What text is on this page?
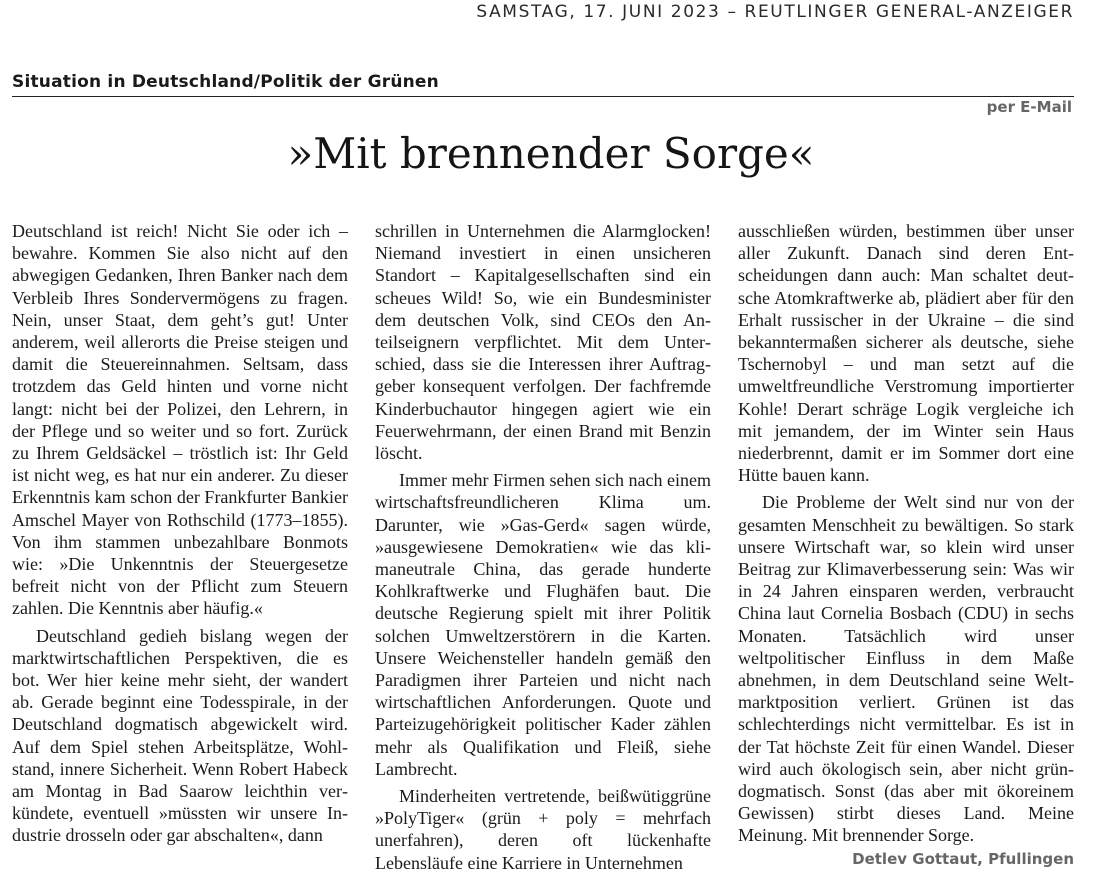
SAMSTAG, 17. JUNI 2023 – REUTLINGER GENERAL-ANZEIGER
Situation in Deutschland/Politik der Grünen
per E-Mail
»Mit brennender Sorge«

Deutschland ist reich! Nicht Sie oder ich – bewahre. Kommen Sie also nicht auf den abwegigen Gedanken, Ihren Banker nach dem Verbleib Ihres Sondervermögens zu fragen. Nein, unser Staat, dem geht’s gut! Unter anderem, weil allerorts die Preise steigen und damit die Steuereinnahmen. Seltsam, dass trotzdem das Geld hinten und vorne nicht langt: nicht bei der Polizei, den Lehrern, in der Pflege und so weiter und so fort. Zurück zu Ihrem Geldsäckel – tröstlich ist: Ihr Geld ist nicht weg, es hat nur ein anderer. Zu dieser Erkenntnis kam schon der Frankfurter Bankier Amschel Mayer von Rothschild (1773–1855). Von ihm stammen unbezahlbare Bonmots wie: »Die Unkenntnis der Steuergesetze befreit nicht von der Pflicht zum Steuern zahlen. Die Kenntnis aber häufig.«

Deutschland gedieh bislang wegen der marktwirtschaftlichen Perspektiven, die es bot. Wer hier keine mehr sieht, der wandert ab. Gerade beginnt eine Todesspirale, in der Deutschland dogmatisch abgewickelt wird. Auf dem Spiel stehen Arbeitsplätze, Wohlstand, innere Sicherheit. Wenn Robert Habeck am Montag in Bad Saarow leichthin verkündete, eventuell »müssten wir unsere Industrie drosseln oder gar abschalten«, dann

schrillen in Unternehmen die Alarmglocken! Niemand investiert in einen unsicheren Standort – Kapitalgesellschaften sind ein scheues Wild! So, wie ein Bundesminister dem deutschen Volk, sind CEOs den Anteilseignern verpflichtet. Mit dem Unterschied, dass sie die Interessen ihrer Auftraggeber konsequent verfolgen. Der fachfremde Kinderbuchautor hingegen agiert wie ein Feuerwehrmann, der einen Brand mit Benzin löscht.

Immer mehr Firmen sehen sich nach einem wirtschaftsfreundlicheren Klima um. Darunter, wie »Gas-Gerd« sagen würde, »ausgewiesene Demokratien« wie das klimaneutrale China, das gerade hunderte Kohlkraftwerke und Flughäfen baut. Die deutsche Regierung spielt mit ihrer Politik solchen Umweltzerstörern in die Karten. Unsere Weichensteller handeln gemäß den Paradigmen ihrer Parteien und nicht nach wirtschaftlichen Anforderungen. Quote und Parteizugehörigkeit politischer Kader zählen mehr als Qualifikation und Fleiß, siehe Lambrecht.

Minderheiten vertretende, beißwütiggrüne »PolyTiger« (grün + poly = mehrfach unerfahren), deren oft lückenhafte Lebensläufe eine Karriere in Unternehmen

ausschließen würden, bestimmen über unser aller Zukunft. Danach sind deren Entscheidungen dann auch: Man schaltet deutsche Atomkraftwerke ab, plädiert aber für den Erhalt russischer in der Ukraine – die sind bekanntermaßen sicherer als deutsche, siehe Tschernobyl – und man setzt auf die umweltfreundliche Verstromung importierter Kohle! Derart schräge Logik vergleiche ich mit jemandem, der im Winter sein Haus niederbrennt, damit er im Sommer dort eine Hütte bauen kann.

Die Probleme der Welt sind nur von der gesamten Menschheit zu bewältigen. So stark unsere Wirtschaft war, so klein wird unser Beitrag zur Klimaverbesserung sein: Was wir in 24 Jahren einsparen werden, verbraucht China laut Cornelia Bosbach (CDU) in sechs Monaten. Tatsächlich wird unser weltpolitischer Einfluss in dem Maße abnehmen, in dem Deutschland seine Weltmarktposition verliert. Grünen ist das schlechterdings nicht vermittelbar. Es ist in der Tat höchste Zeit für einen Wandel. Dieser wird auch ökologisch sein, aber nicht grün-dogmatisch. Sonst (das aber mit ökoreinem Gewissen) stirbt dieses Land. Meine Meinung. Mit brennender Sorge.

Detlev Gottaut, Pfullingen
